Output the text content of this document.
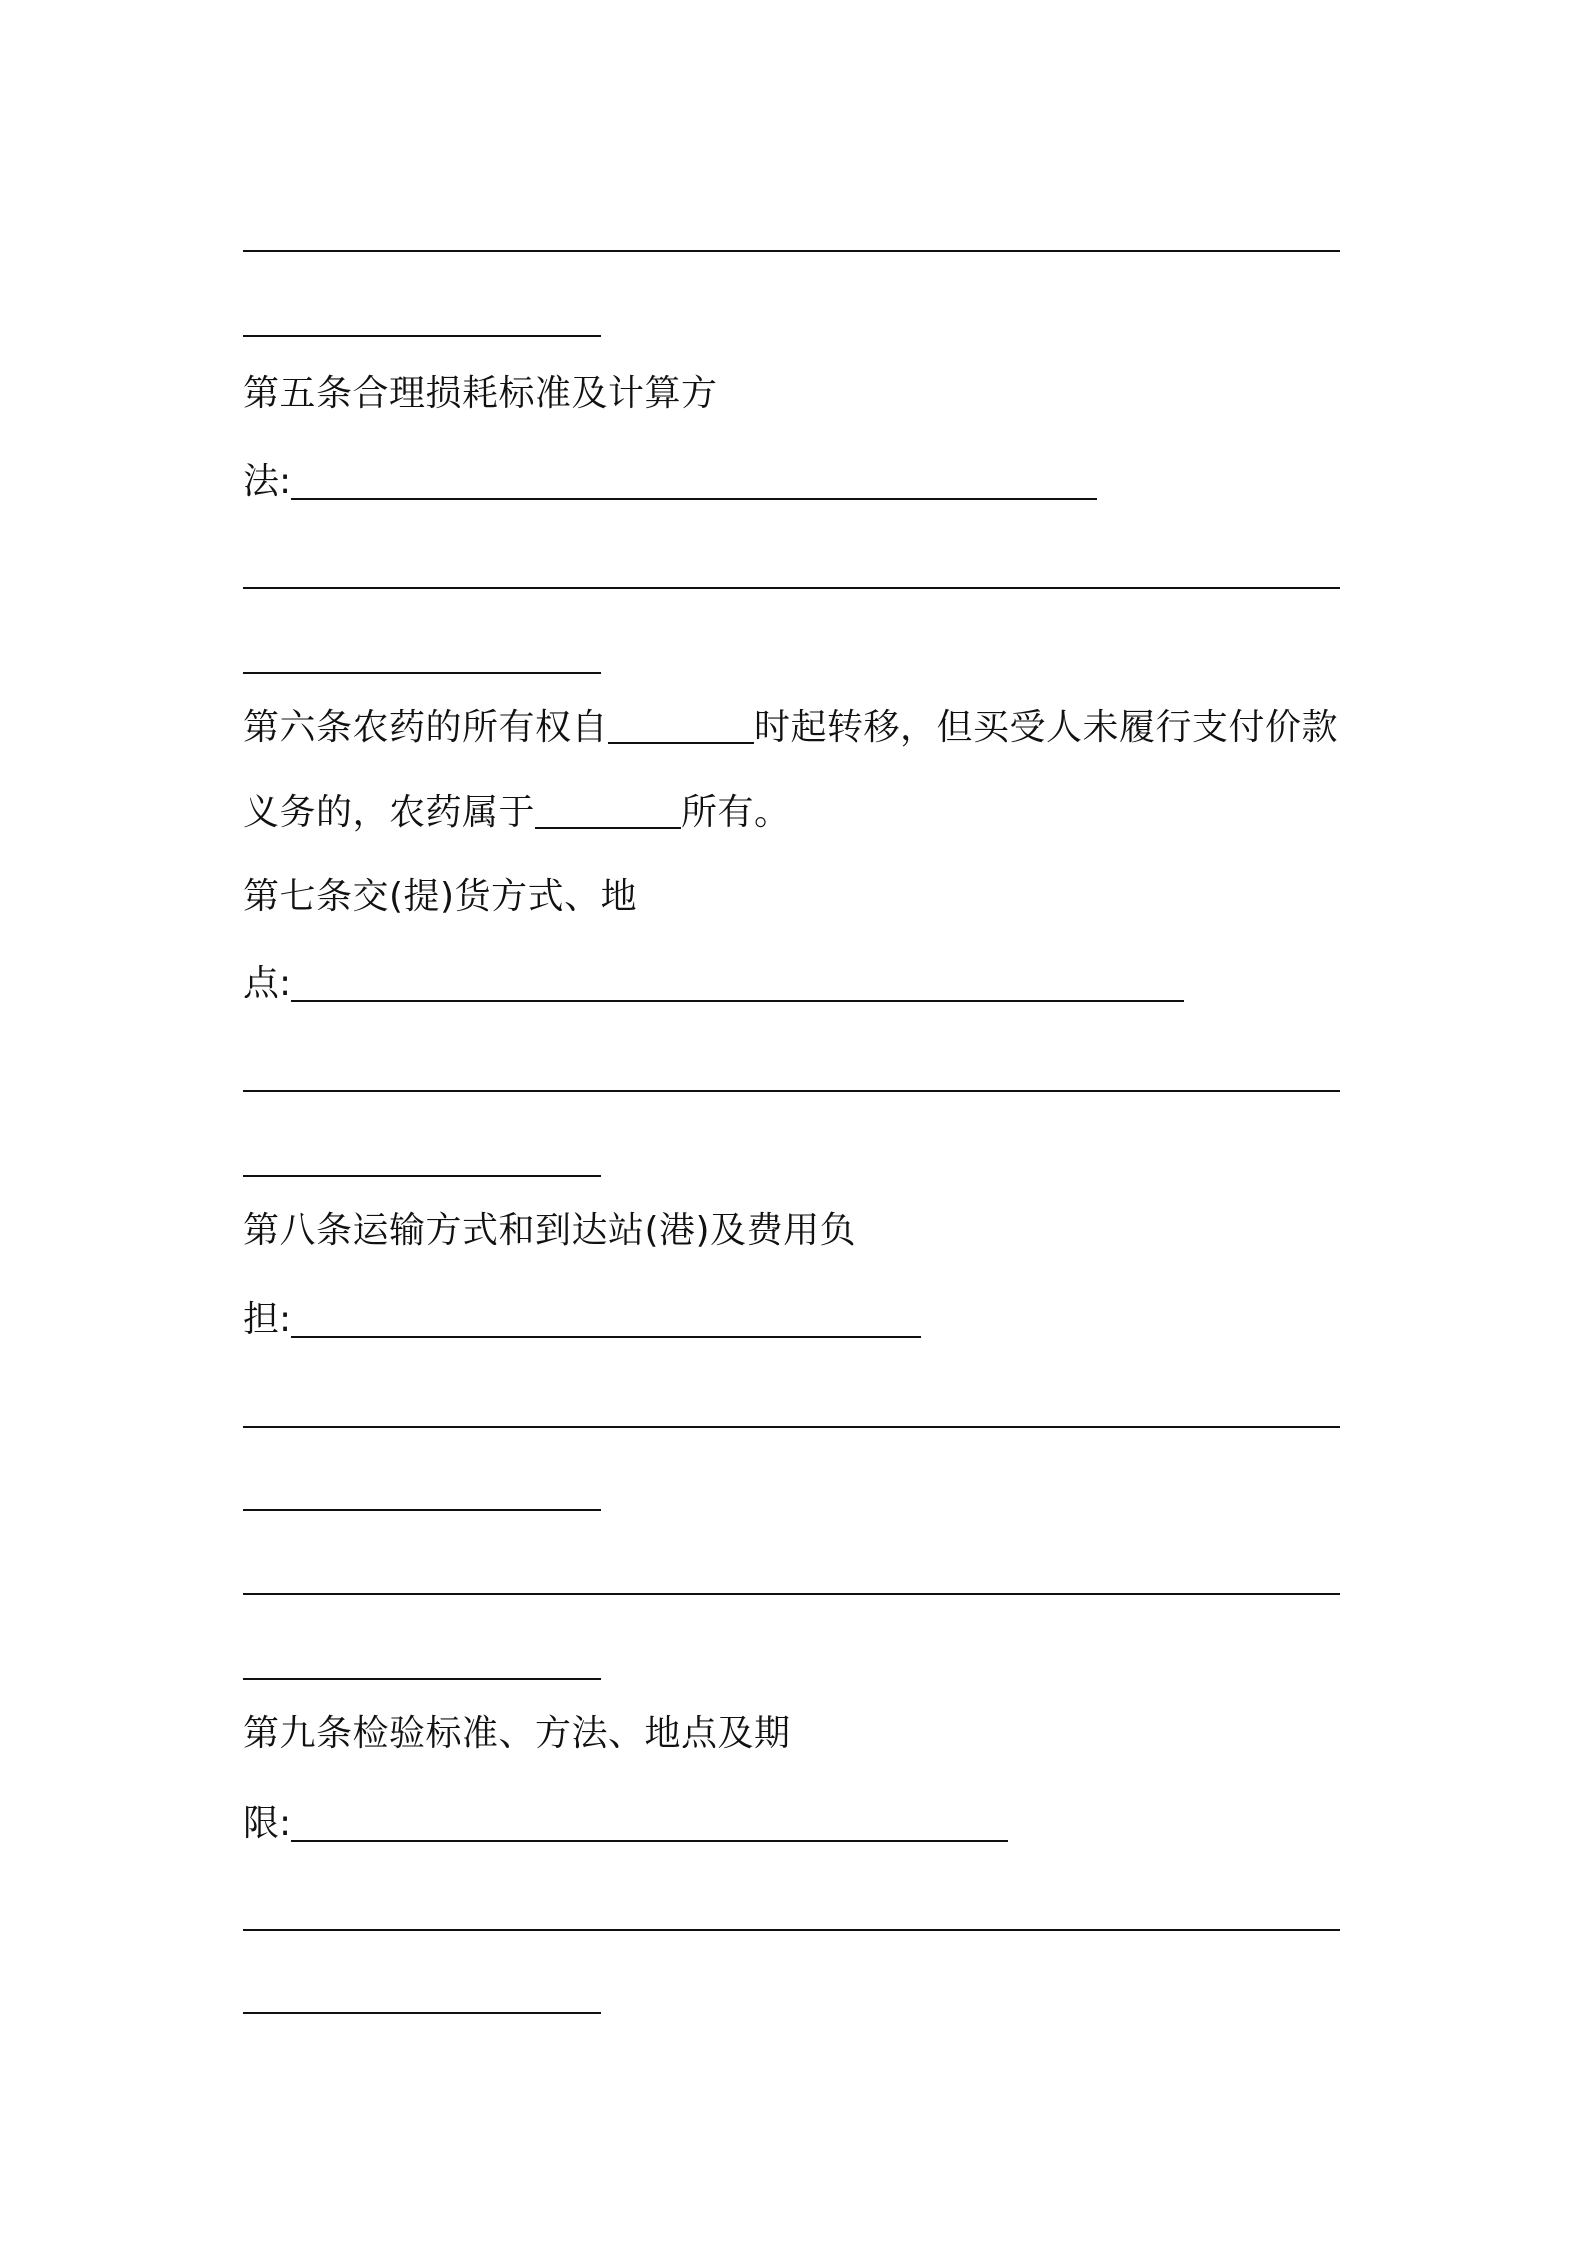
第五条合理损耗标准及计算方
法:
第六条农药的所有权自	时起转移，但买受人未履行支付价款
义务的，农药属于	所有。
第七条交(提)货方式、地
点:
第八条运输方式和到达站(港)及费用负
担:
第九条检验标准、方法、地点及期
限:
